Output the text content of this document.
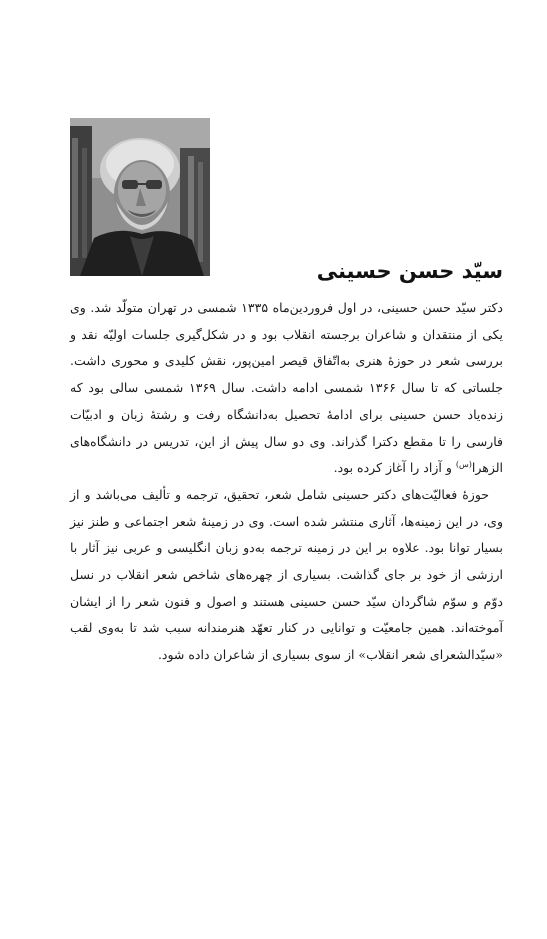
سیّد حسن حسینی

دکتر سیّد حسن حسینی، در اول فروردین‌ماه ۱۳۳۵ شمسی در تهران متولّد شد. وی یکی از منتقدان و شاعران برجسته انقلاب بود و در شکل‌گیری جلسات اولیّه نقد و بررسی شعر در حوزهٔ هنری به‌اتّفاق قیصر امین‌پور، نقش کلیدی و محوری داشت. جلساتی که تا سال ۱۳۶۶ شمسی ادامه داشت. سال ۱۳۶۹ شمسی سالی بود که زنده‌یاد حسن حسینی برای ادامهٔ تحصیل به‌دانشگاه رفت و رشتهٔ زبان و ادبیّات فارسی را تا مقطع دکترا گذراند. وی دو سال پیش از این، تدریس در دانشگاه‌های الزهرا$^{(س)}$ و آزاد را آغاز کرده بود.

حوزهٔ فعالیّت‌های دکتر حسینی شامل شعر، تحقیق، ترجمه و تألیف می‌باشد و از وی، در این زمینه‌ها، آثاری منتشر شده است. وی در زمینهٔ شعر اجتماعی و طنز نیز بسیار توانا بود. علاوه بر این در زمینه ترجمه به‌دو زبان انگلیسی و عربی نیز آثار با ارزشی از خود بر جای گذاشت. بسیاری از چهره‌های شاخص شعر انقلاب در نسل دوّم و سوّم شاگردان سیّد حسن حسینی هستند و اصول و فنون شعر را از ایشان آموخته‌اند. همین جامعیّت و توانایی در کنار تعهّد هنرمندانه سبب شد تا به‌وی لقب «سیّدالشعرای شعر انقلاب» از سوی بسیاری از شاعران داده شود.
